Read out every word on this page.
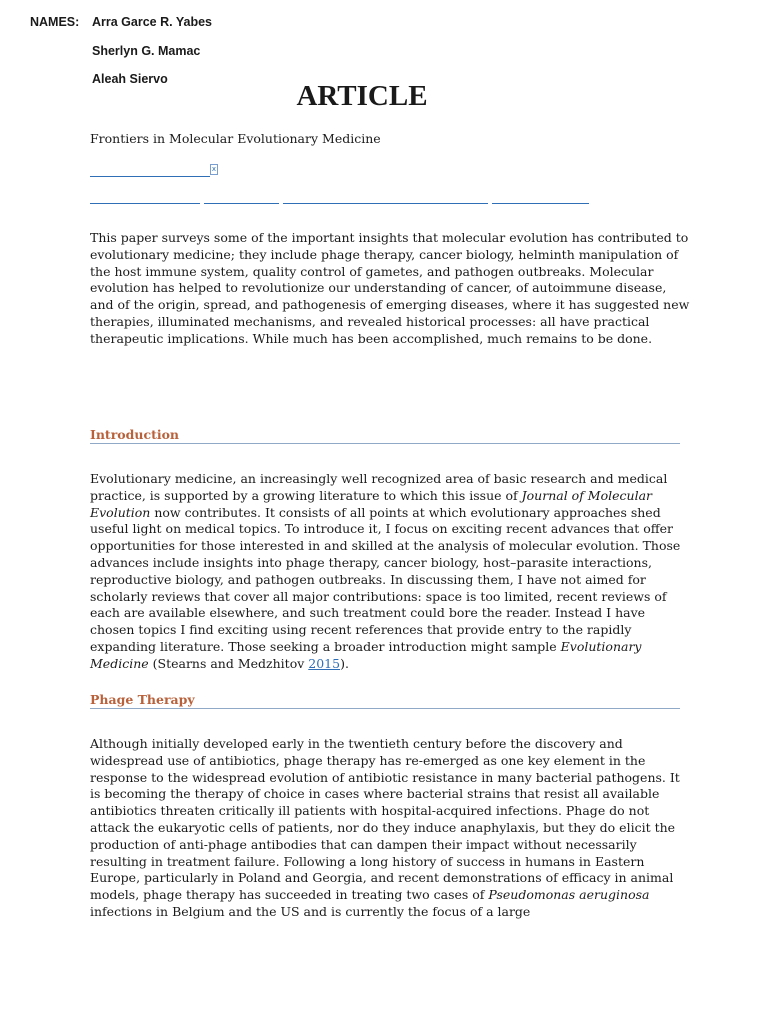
NAMES: Arra Garce R. Yabes
Sherlyn G. Mamac
Aleah Siervo
ARTICLE
Frontiers in Molecular Evolutionary Medicine
x

This paper surveys some of the important insights that molecular evolution has contributed to evolutionary medicine; they include phage therapy, cancer biology, helminth manipulation of the host immune system, quality control of gametes, and pathogen outbreaks. Molecular evolution has helped to revolutionize our understanding of cancer, of autoimmune disease, and of the origin, spread, and pathogenesis of emerging diseases, where it has suggested new therapies, illuminated mechanisms, and revealed historical processes: all have practical therapeutic implications. While much has been accomplished, much remains to be done.

Introduction

Evolutionary medicine, an increasingly well recognized area of basic research and medical practice, is supported by a growing literature to which this issue of Journal of Molecular Evolution now contributes. It consists of all points at which evolutionary approaches shed useful light on medical topics. To introduce it, I focus on exciting recent advances that offer opportunities for those interested in and skilled at the analysis of molecular evolution. Those advances include insights into phage therapy, cancer biology, host–parasite interactions, reproductive biology, and pathogen outbreaks. In discussing them, I have not aimed for scholarly reviews that cover all major contributions: space is too limited, recent reviews of each are available elsewhere, and such treatment could bore the reader. Instead I have chosen topics I find exciting using recent references that provide entry to the rapidly expanding literature. Those seeking a broader introduction might sample Evolutionary Medicine (Stearns and Medzhitov 2015).

Phage Therapy

Although initially developed early in the twentieth century before the discovery and widespread use of antibiotics, phage therapy has re-emerged as one key element in the response to the widespread evolution of antibiotic resistance in many bacterial pathogens. It is becoming the therapy of choice in cases where bacterial strains that resist all available antibiotics threaten critically ill patients with hospital-acquired infections. Phage do not attack the eukaryotic cells of patients, nor do they induce anaphylaxis, but they do elicit the production of anti-phage antibodies that can dampen their impact without necessarily resulting in treatment failure. Following a long history of success in humans in Eastern Europe, particularly in Poland and Georgia, and recent demonstrations of efficacy in animal models, phage therapy has succeeded in treating two cases of Pseudomonas aeruginosa infections in Belgium and the US and is currently the focus of a large
